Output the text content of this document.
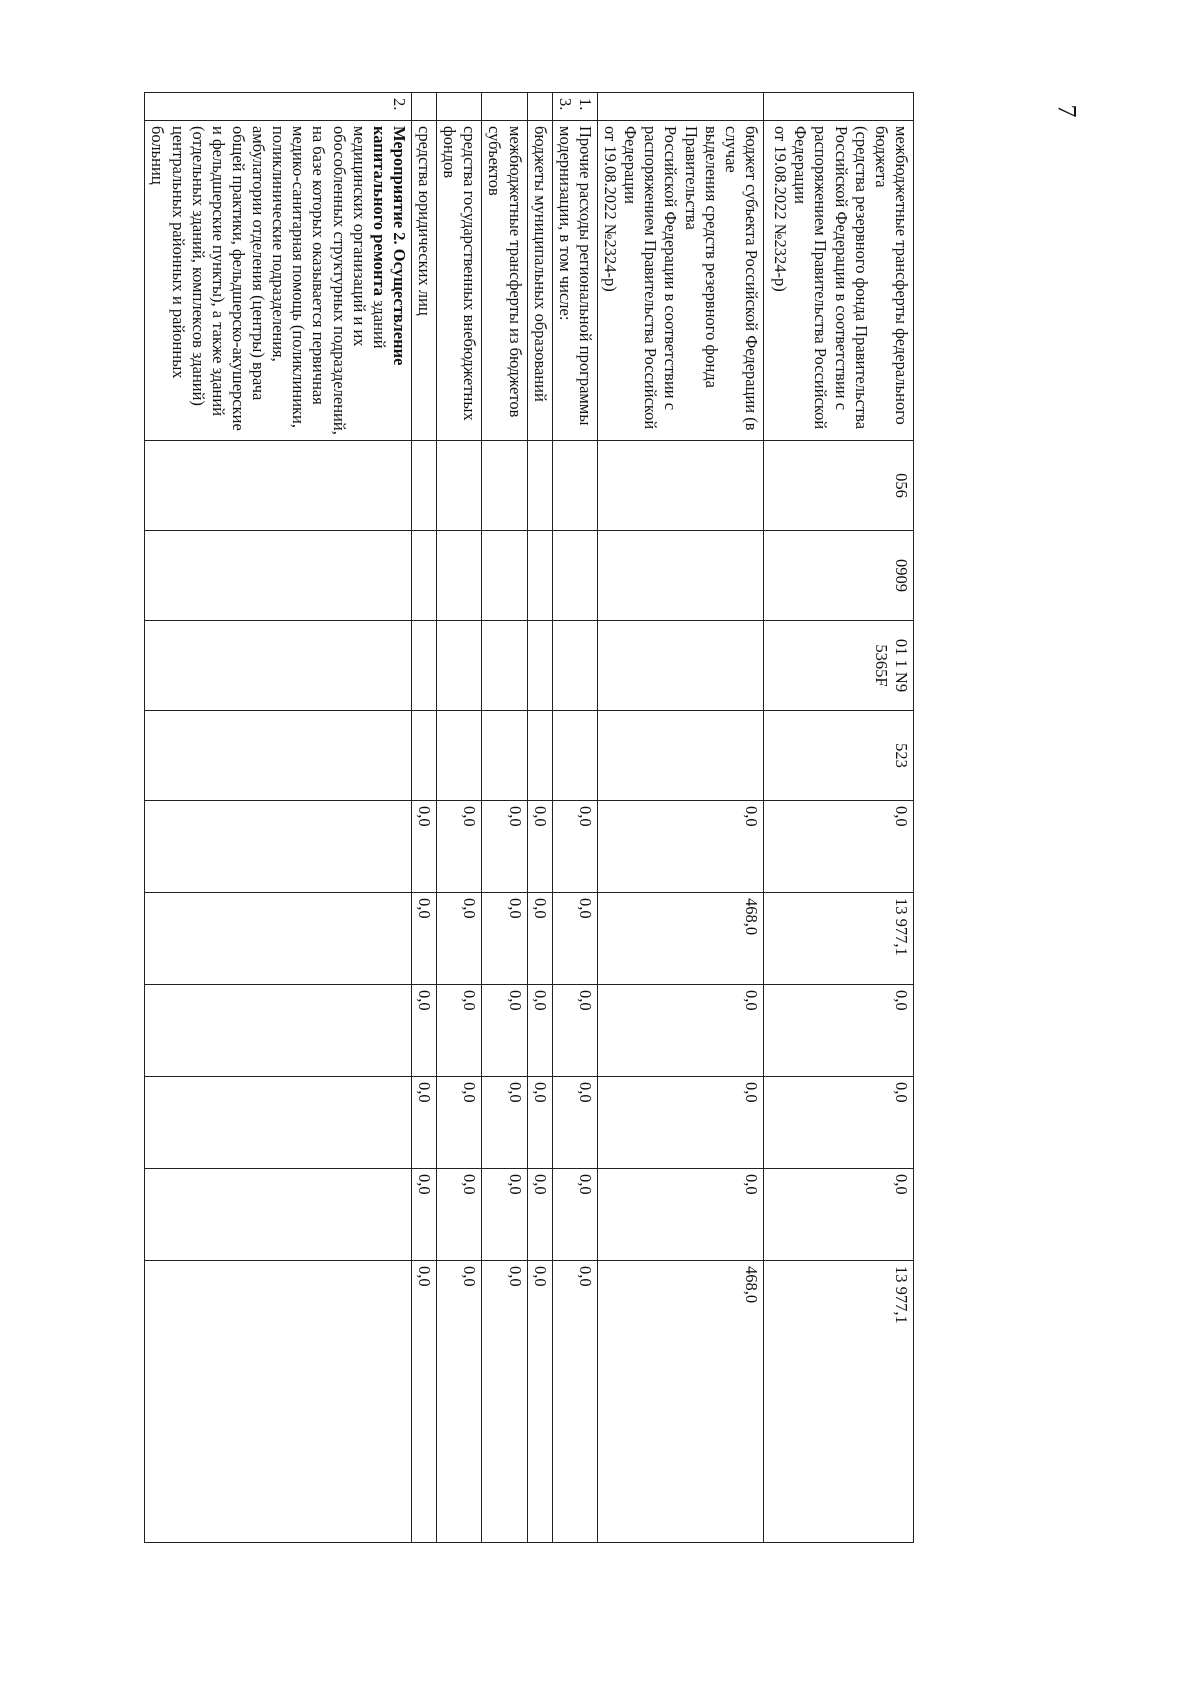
7
	межбюджетные трансферты федерального бюджета
(средства резервного фонда Правительства Российской Федерации в соответствии с распоряжением Правительства Российской Федерации
от 19.08.2022 №2324-р)	056	0909	01 1 N9 5365F	523	0,0	13 977,1	0,0	0,0	0,0	13 977,1	
	бюджет субъекта Российской Федерации (в случае
выделения средств резервного фонда Правительства
Российской Федерации в соответствии с распоряжением Правительства Российской Федерации
от 19.08.2022 №2324-р)					0,0	468,0	0,0	0,0	0,0	468,0	
1.3.	Прочие расходы региональной программы модернизации, в том числе:					0,0	0,0	0,0	0,0	0,0	0,0	
	бюджеты муниципальных образований					0,0	0,0	0,0	0,0	0,0	0,0	
	межбюджетные трансферты из бюджетов субъектов					0,0	0,0	0,0	0,0	0,0	0,0	
	средства государственных внебюджетных фондов					0,0	0,0	0,0	0,0	0,0	0,0	
	средства юридических лиц					0,0	0,0	0,0	0,0	0,0	0,0	
2.	Мероприятие 2. Осуществление капитального ремонта зданий медицинских организаций и их обособленных структурных подразделений, на базе которых оказывается первичная медико-санитарная помощь (поликлиники, поликлинические подразделения, амбулатории отделения (центры) врача общей практики, фельдшерско-акушерские и фельдшерские пункты), а также зданий (отдельных зданий, комплексов зданий) центральных районных и районных больниц											
